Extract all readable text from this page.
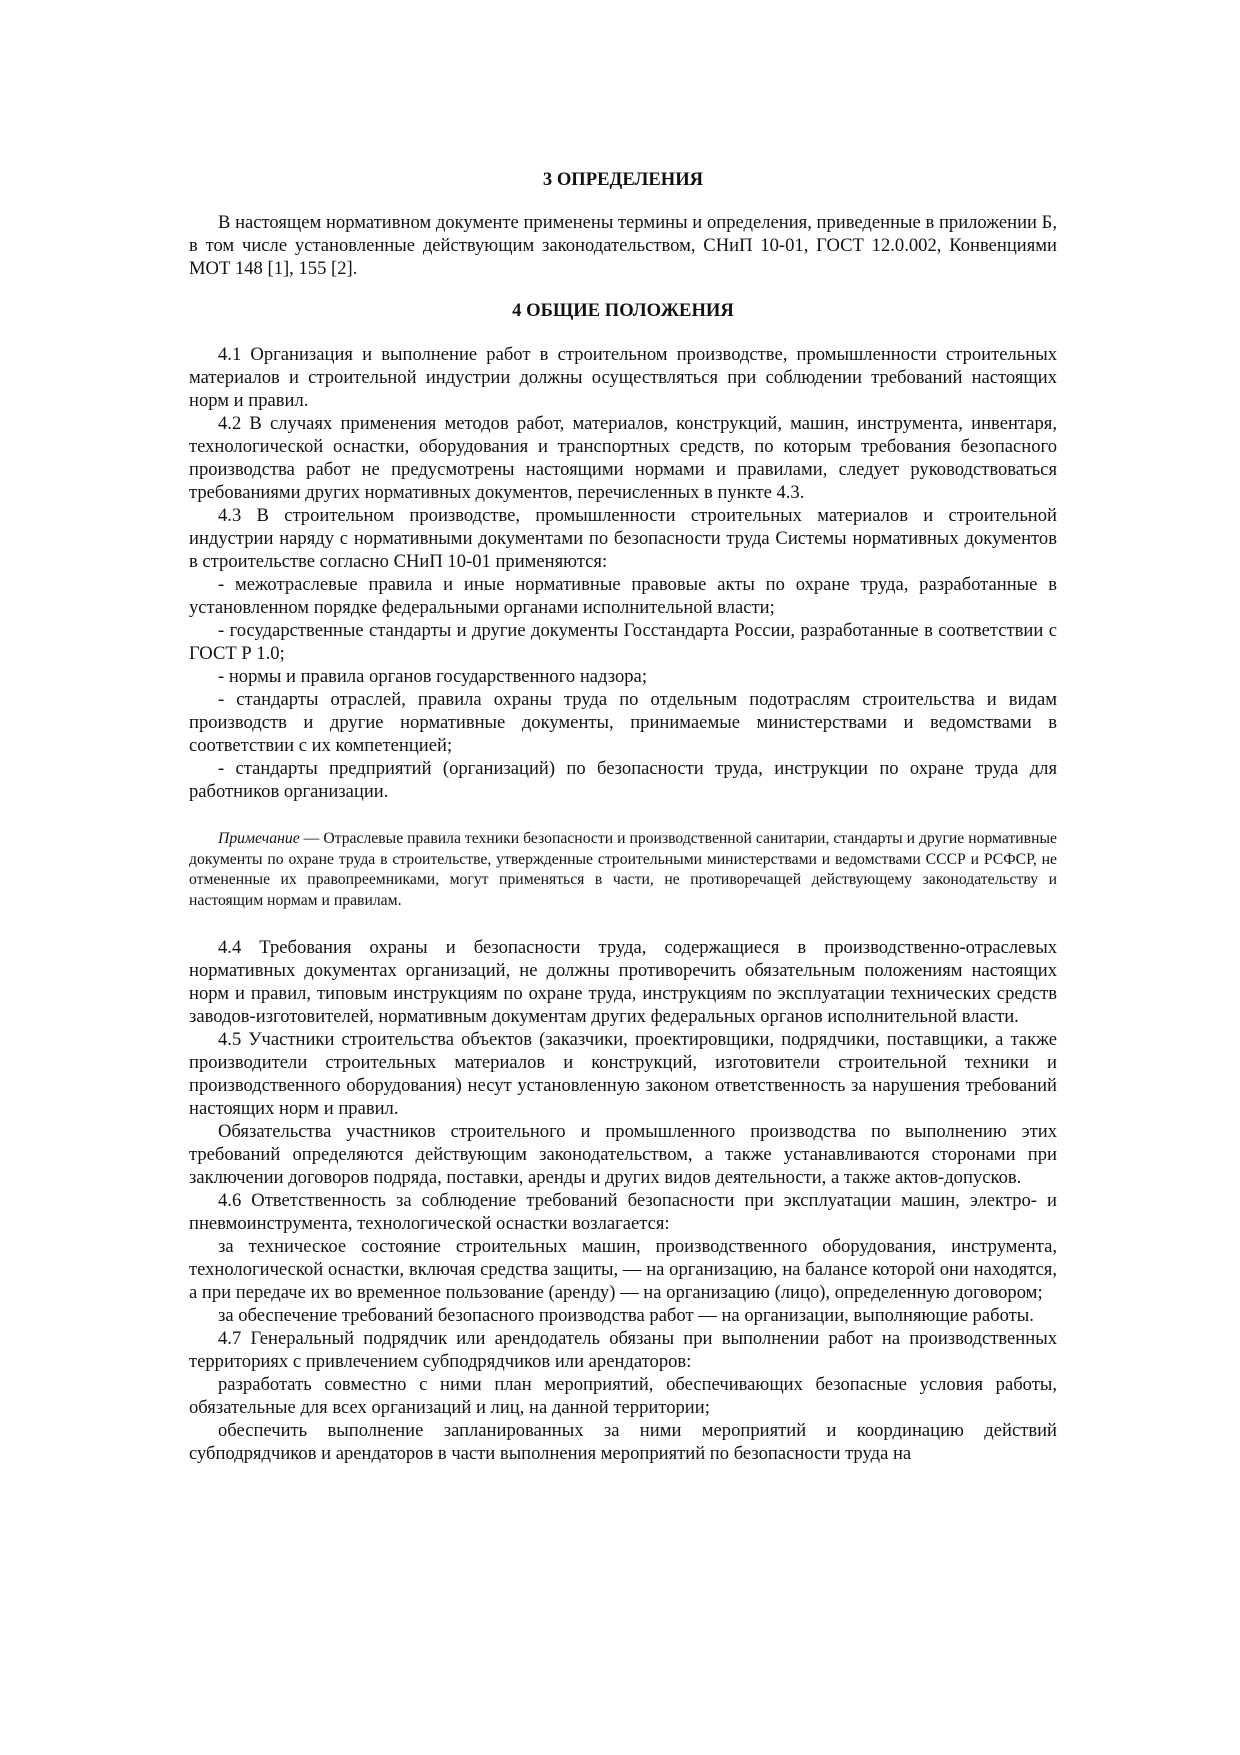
3 ОПРЕДЕЛЕНИЯ

В настоящем нормативном документе применены термины и определения, приведенные в приложении Б, в том числе установленные действующим законодательством, СНиП 10-01, ГОСТ 12.0.002, Конвенциями МОТ 148 [1], 155 [2].

4 ОБЩИЕ ПОЛОЖЕНИЯ

4.1 Организация и выполнение работ в строительном производстве, промышленности строительных материалов и строительной индустрии должны осуществляться при соблюдении требований настоящих норм и правил.

4.2 В случаях применения методов работ, материалов, конструкций, машин, инструмента, инвентаря, технологической оснастки, оборудования и транспортных средств, по которым требования безопасного производства работ не предусмотрены настоящими нормами и правилами, следует руководствоваться требованиями других нормативных документов, перечисленных в пункте 4.3.

4.3 В строительном производстве, промышленности строительных материалов и строительной индустрии наряду с нормативными документами по безопасности труда Системы нормативных документов в строительстве согласно СНиП 10-01 применяются:

- межотраслевые правила и иные нормативные правовые акты по охране труда, разработанные в установленном порядке федеральными органами исполнительной власти;

- государственные стандарты и другие документы Госстандарта России, разработанные в соответствии с ГОСТ Р 1.0;

- нормы и правила органов государственного надзора;

- стандарты отраслей, правила охраны труда по отдельным подотраслям строительства и видам производств и другие нормативные документы, принимаемые министерствами и ведомствами в соответствии с их компетенцией;

- стандарты предприятий (организаций) по безопасности труда, инструкции по охране труда для работников организации.

Примечание — Отраслевые правила техники безопасности и производственной санитарии, стандарты и другие нормативные документы по охране труда в строительстве, утвержденные строительными министерствами и ведомствами СССР и РСФСР, не отмененные их правопреемниками, могут применяться в части, не противоречащей действующему законодательству и настоящим нормам и правилам.

4.4 Требования охраны и безопасности труда, содержащиеся в производственно-отраслевых нормативных документах организаций, не должны противоречить обязательным положениям настоящих норм и правил, типовым инструкциям по охране труда, инструкциям по эксплуатации технических средств заводов-изготовителей, нормативным документам других федеральных органов исполнительной власти.

4.5 Участники строительства объектов (заказчики, проектировщики, подрядчики, поставщики, а также производители строительных материалов и конструкций, изготовители строительной техники и производственного оборудования) несут установленную законом ответственность за нарушения требований настоящих норм и правил.

Обязательства участников строительного и промышленного производства по выполнению этих требований определяются действующим законодательством, а также устанавливаются сторонами при заключении договоров подряда, поставки, аренды и других видов деятельности, а также актов-допусков.

4.6 Ответственность за соблюдение требований безопасности при эксплуатации машин, электро- и пневмоинструмента, технологической оснастки возлагается:

за техническое состояние строительных машин, производственного оборудования, инструмента, технологической оснастки, включая средства защиты, — на организацию, на балансе которой они находятся, а при передаче их во временное пользование (аренду) — на организацию (лицо), определенную договором;

за обеспечение требований безопасного производства работ — на организации, выполняющие работы.

4.7 Генеральный подрядчик или арендодатель обязаны при выполнении работ на производственных территориях с привлечением субподрядчиков или арендаторов:

разработать совместно с ними план мероприятий, обеспечивающих безопасные условия работы, обязательные для всех организаций и лиц, на данной территории;

обеспечить выполнение запланированных за ними мероприятий и координацию действий субподрядчиков и арендаторов в части выполнения мероприятий по безопасности труда на
